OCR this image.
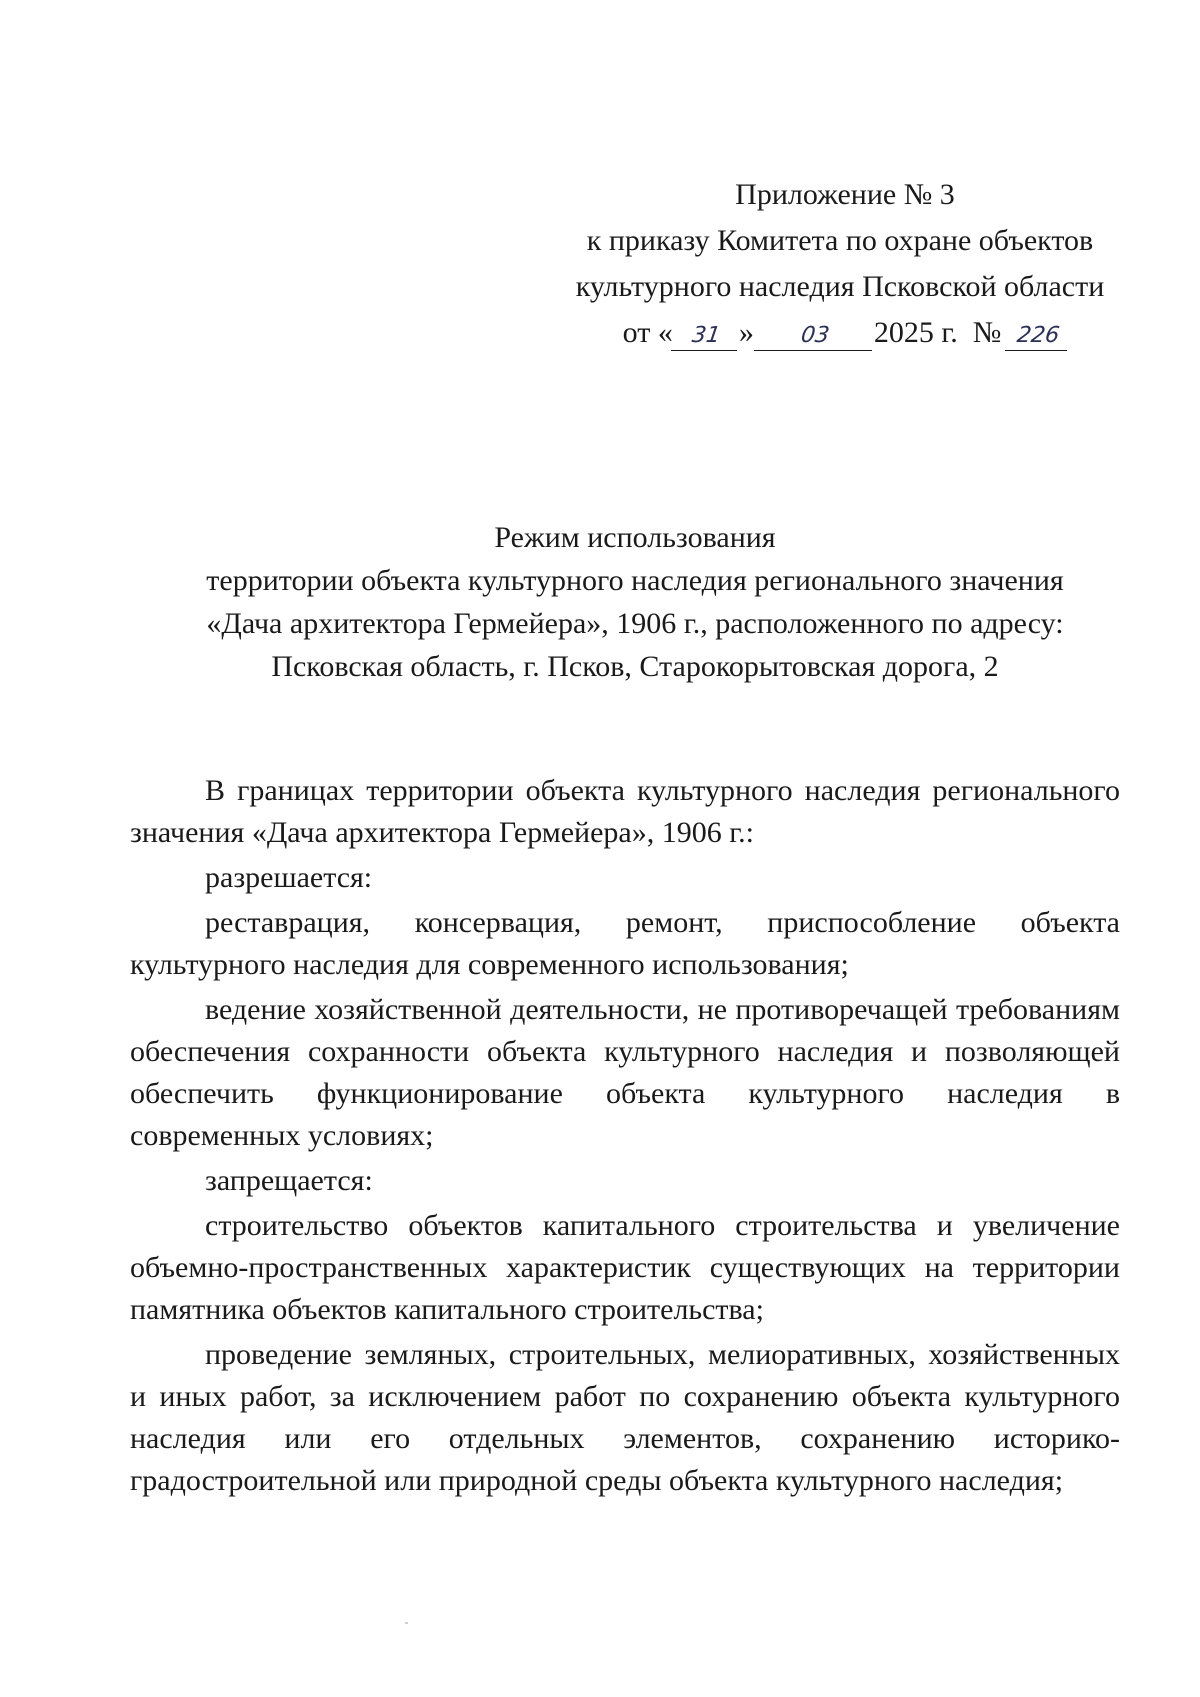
Приложение № 3
к приказу Комитета по охране объектов
культурного наследия Псковской области
от « 31 » 03 2025 г. № 226
Режим использования
территории объекта культурного наследия регионального значения
«Дача архитектора Гермейера», 1906 г., расположенного по адресу:
Псковская область, г. Псков, Старокорытовская дорога, 2

В границах территории объекта культурного наследия регионального значения «Дача архитектора Гермейера», 1906 г.:

разрешается:

реставрация, консервация, ремонт, приспособление объекта культурного наследия для современного использования;

ведение хозяйственной деятельности, не противоречащей требованиям обеспечения сохранности объекта культурного наследия и позволяющей обеспечить функционирование объекта культурного наследия в современных условиях;

запрещается:

строительство объектов капитального строительства и увеличение объемно-пространственных характеристик существующих на территории памятника объектов капитального строительства;

проведение земляных, строительных, мелиоративных, хозяйственных и иных работ, за исключением работ по сохранению объекта культурного наследия или его отдельных элементов, сохранению историко-градостроительной или природной среды объекта культурного наследия;
